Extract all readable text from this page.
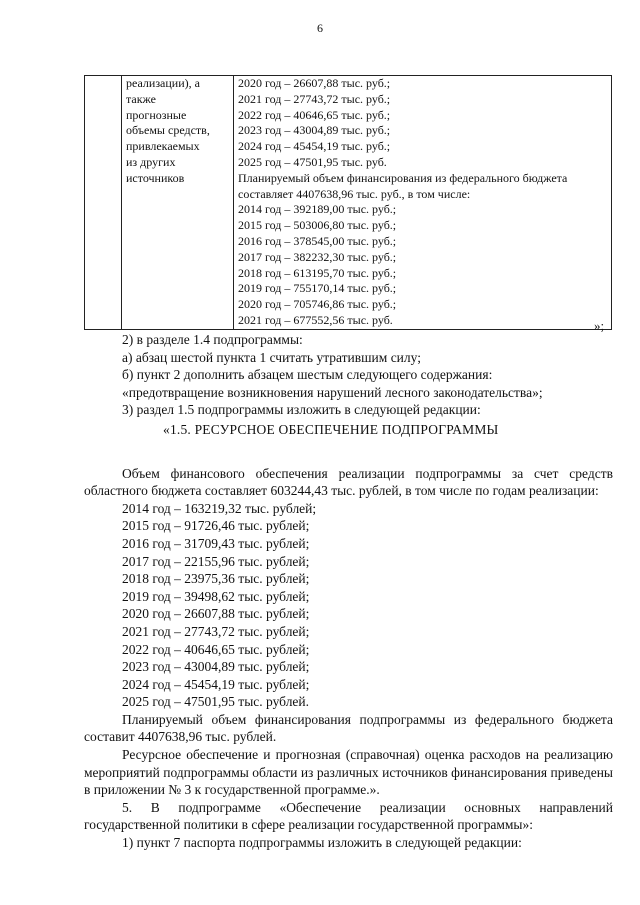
6

реализации), а
также
прогнозные
объемы средств,
привлекаемых
из других
источников

2020 год – 26607,88 тыс. руб.;
2021 год – 27743,72 тыс. руб.;
2022 год – 40646,65 тыс. руб.;
2023 год – 43004,89 тыс. руб.;
2024 год – 45454,19 тыс. руб.;
2025 год – 47501,95 тыс. руб.
Планируемый объем финансирования из федерального бюджета
составляет 4407638,96 тыс. руб., в том числе:
2014 год – 392189,00 тыс. руб.;
2015 год – 503006,80 тыс. руб.;
2016 год – 378545,00 тыс. руб.;
2017 год – 382232,30 тыс. руб.;
2018 год – 613195,70 тыс. руб.;
2019 год – 755170,14 тыс. руб.;
2020 год – 705746,86 тыс. руб.;
2021 год – 677552,56 тыс. руб.	»;

2) в разделе 1.4 подпрограммы:

а) абзац шестой пункта 1 считать утратившим силу;

б) пункт 2 дополнить абзацем шестым следующего содержания:

«предотвращение возникновения нарушений лесного законодательства»;

3) раздел 1.5 подпрограммы изложить в следующей редакции:

«1.5. РЕСУРСНОЕ ОБЕСПЕЧЕНИЕ ПОДПРОГРАММЫ

Объем финансового обеспечения реализации подпрограммы за счет средств областного бюджета составляет 603244,43 тыс. рублей, в том числе по годам реализации:

2014 год – 163219,32 тыс. рублей;

2015 год – 91726,46 тыс. рублей;

2016 год – 31709,43 тыс. рублей;

2017 год – 22155,96 тыс. рублей;

2018 год – 23975,36 тыс. рублей;

2019 год – 39498,62 тыс. рублей;

2020 год – 26607,88 тыс. рублей;

2021 год – 27743,72 тыс. рублей;

2022 год – 40646,65 тыс. рублей;

2023 год – 43004,89 тыс. рублей;

2024 год – 45454,19 тыс. рублей;

2025 год – 47501,95 тыс. рублей.

Планируемый объем финансирования подпрограммы из федерального бюджета составит 4407638,96 тыс. рублей.

Ресурсное обеспечение и прогнозная (справочная) оценка расходов на реализацию мероприятий подпрограммы области из различных источников финансирования приведены в приложении № 3 к государственной программе.».

5. В подпрограмме «Обеспечение реализации основных направлений государственной политики в сфере реализации государственной программы»:

1) пункт 7 паспорта подпрограммы изложить в следующей редакции:
